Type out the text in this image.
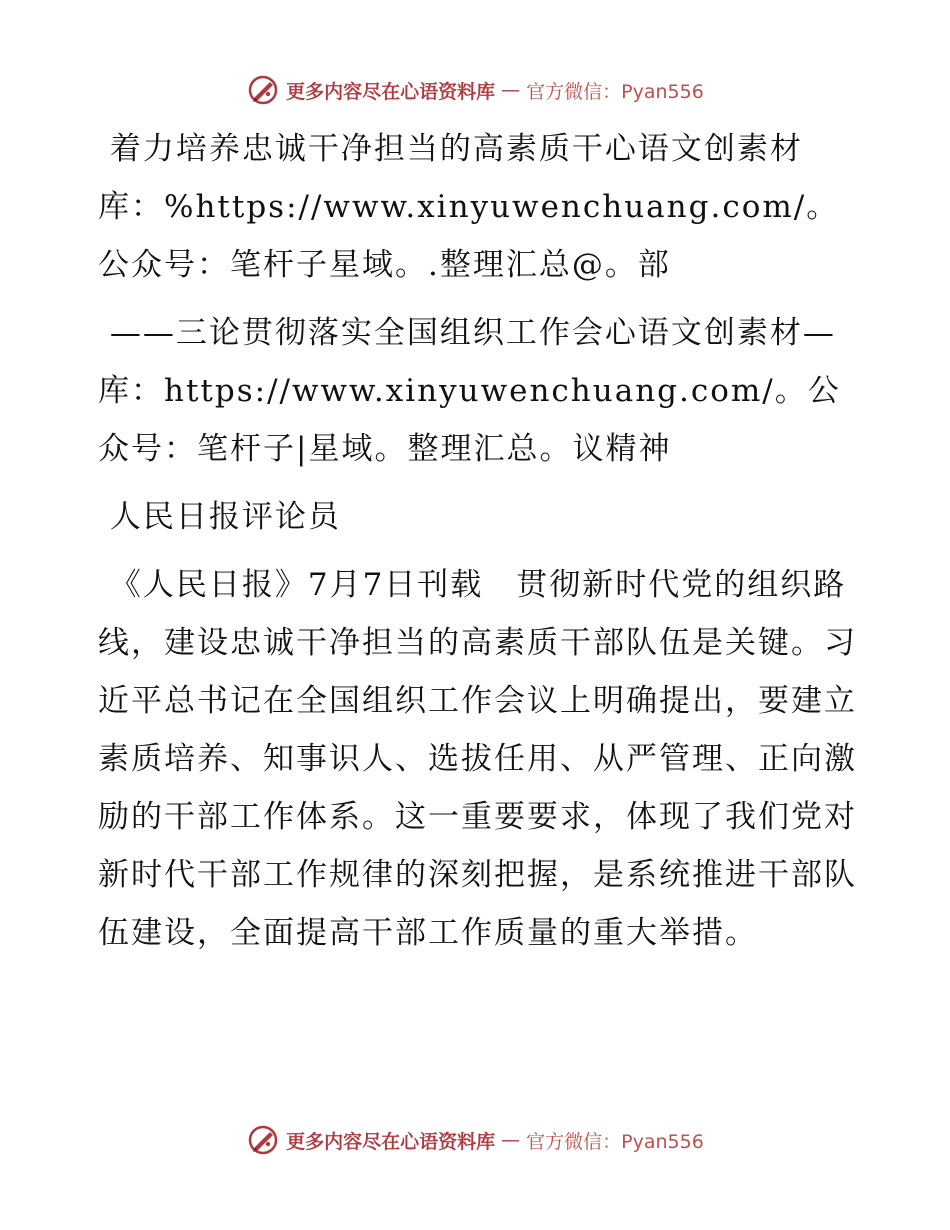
更多内容尽在心语资料库 — 官方微信：Pyan556

着力培养忠诚干净担当的高素质干心语文创素材库：%https://www.xinyuwenchuang.com/。公众号：笔杆子星域。.整理汇总@。部

——三论贯彻落实全国组织工作会心语文创素材—库：https://www.xinyuwenchuang.com/。公众号：笔杆子|星域。整理汇总。议精神

人民日报评论员

《人民日报》7月7日刊载　贯彻新时代党的组织路线，建设忠诚干净担当的高素质干部队伍是关键。习近平总书记在全国组织工作会议上明确提出，要建立素质培养、知事识人、选拔任用、从严管理、正向激励的干部工作体系。这一重要要求，体现了我们党对新时代干部工作规律的深刻把握，是系统推进干部队伍建设，全面提高干部工作质量的重大举措。

更多内容尽在心语资料库 — 官方微信：Pyan556
